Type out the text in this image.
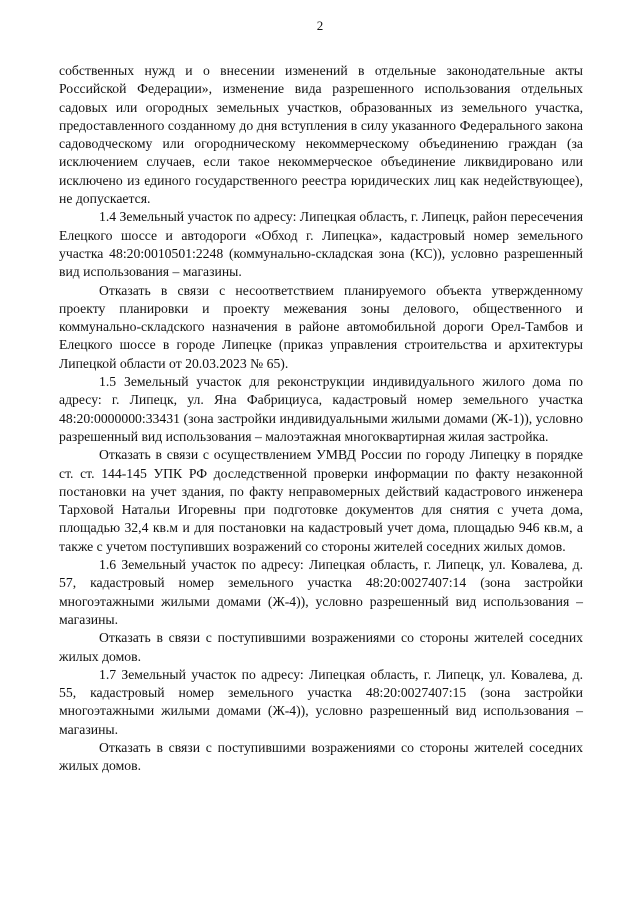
2

собственных нужд и о внесении изменений в отдельные законодательные акты Российской Федерации», изменение вида разрешенного использования отдельных садовых или огородных земельных участков, образованных из земельного участка, предоставленного созданному до дня вступления в силу указанного Федерального закона садоводческому или огородническому некоммерческому объединению граждан (за исключением случаев, если такое некоммерческое объединение ликвидировано или исключено из единого государственного реестра юридических лиц как недействующее), не допускается.

1.4 Земельный участок по адресу: Липецкая область, г. Липецк, район пересечения Елецкого шоссе и автодороги «Обход г. Липецка», кадастровый номер земельного участка 48:20:0010501:2248 (коммунально-складская зона (КС)), условно разрешенный вид использования – магазины.

Отказать в связи с несоответствием планируемого объекта утвержденному проекту планировки и проекту межевания зоны делового, общественного и коммунально-складского назначения в районе автомобильной дороги Орел-Тамбов и Елецкого шоссе в городе Липецке (приказ управления строительства и архитектуры Липецкой области от 20.03.2023 № 65).

1.5 Земельный участок для реконструкции индивидуального жилого дома по адресу: г. Липецк, ул. Яна Фабрициуса, кадастровый номер земельного участка 48:20:0000000:33431 (зона застройки индивидуальными жилыми домами (Ж-1)), условно разрешенный вид использования – малоэтажная многоквартирная жилая застройка.

Отказать в связи с осуществлением УМВД России по городу Липецку в порядке ст. ст. 144-145 УПК РФ доследственной проверки информации по факту незаконной постановки на учет здания, по факту неправомерных действий кадастрового инженера Тарховой Натальи Игоревны при подготовке документов для снятия с учета дома, площадью 32,4 кв.м и для постановки на кадастровый учет дома, площадью 946 кв.м, а также с учетом поступивших возражений со стороны жителей соседних жилых домов.

1.6 Земельный участок по адресу: Липецкая область, г. Липецк, ул. Ковалева, д. 57, кадастровый номер земельного участка 48:20:0027407:14 (зона застройки многоэтажными жилыми домами (Ж-4)), условно разрешенный вид использования – магазины.

Отказать в связи с поступившими возражениями со стороны жителей соседних жилых домов.

1.7 Земельный участок по адресу: Липецкая область, г. Липецк, ул. Ковалева, д. 55, кадастровый номер земельного участка 48:20:0027407:15 (зона застройки многоэтажными жилыми домами (Ж-4)), условно разрешенный вид использования – магазины.

Отказать в связи с поступившими возражениями со стороны жителей соседних жилых домов.
